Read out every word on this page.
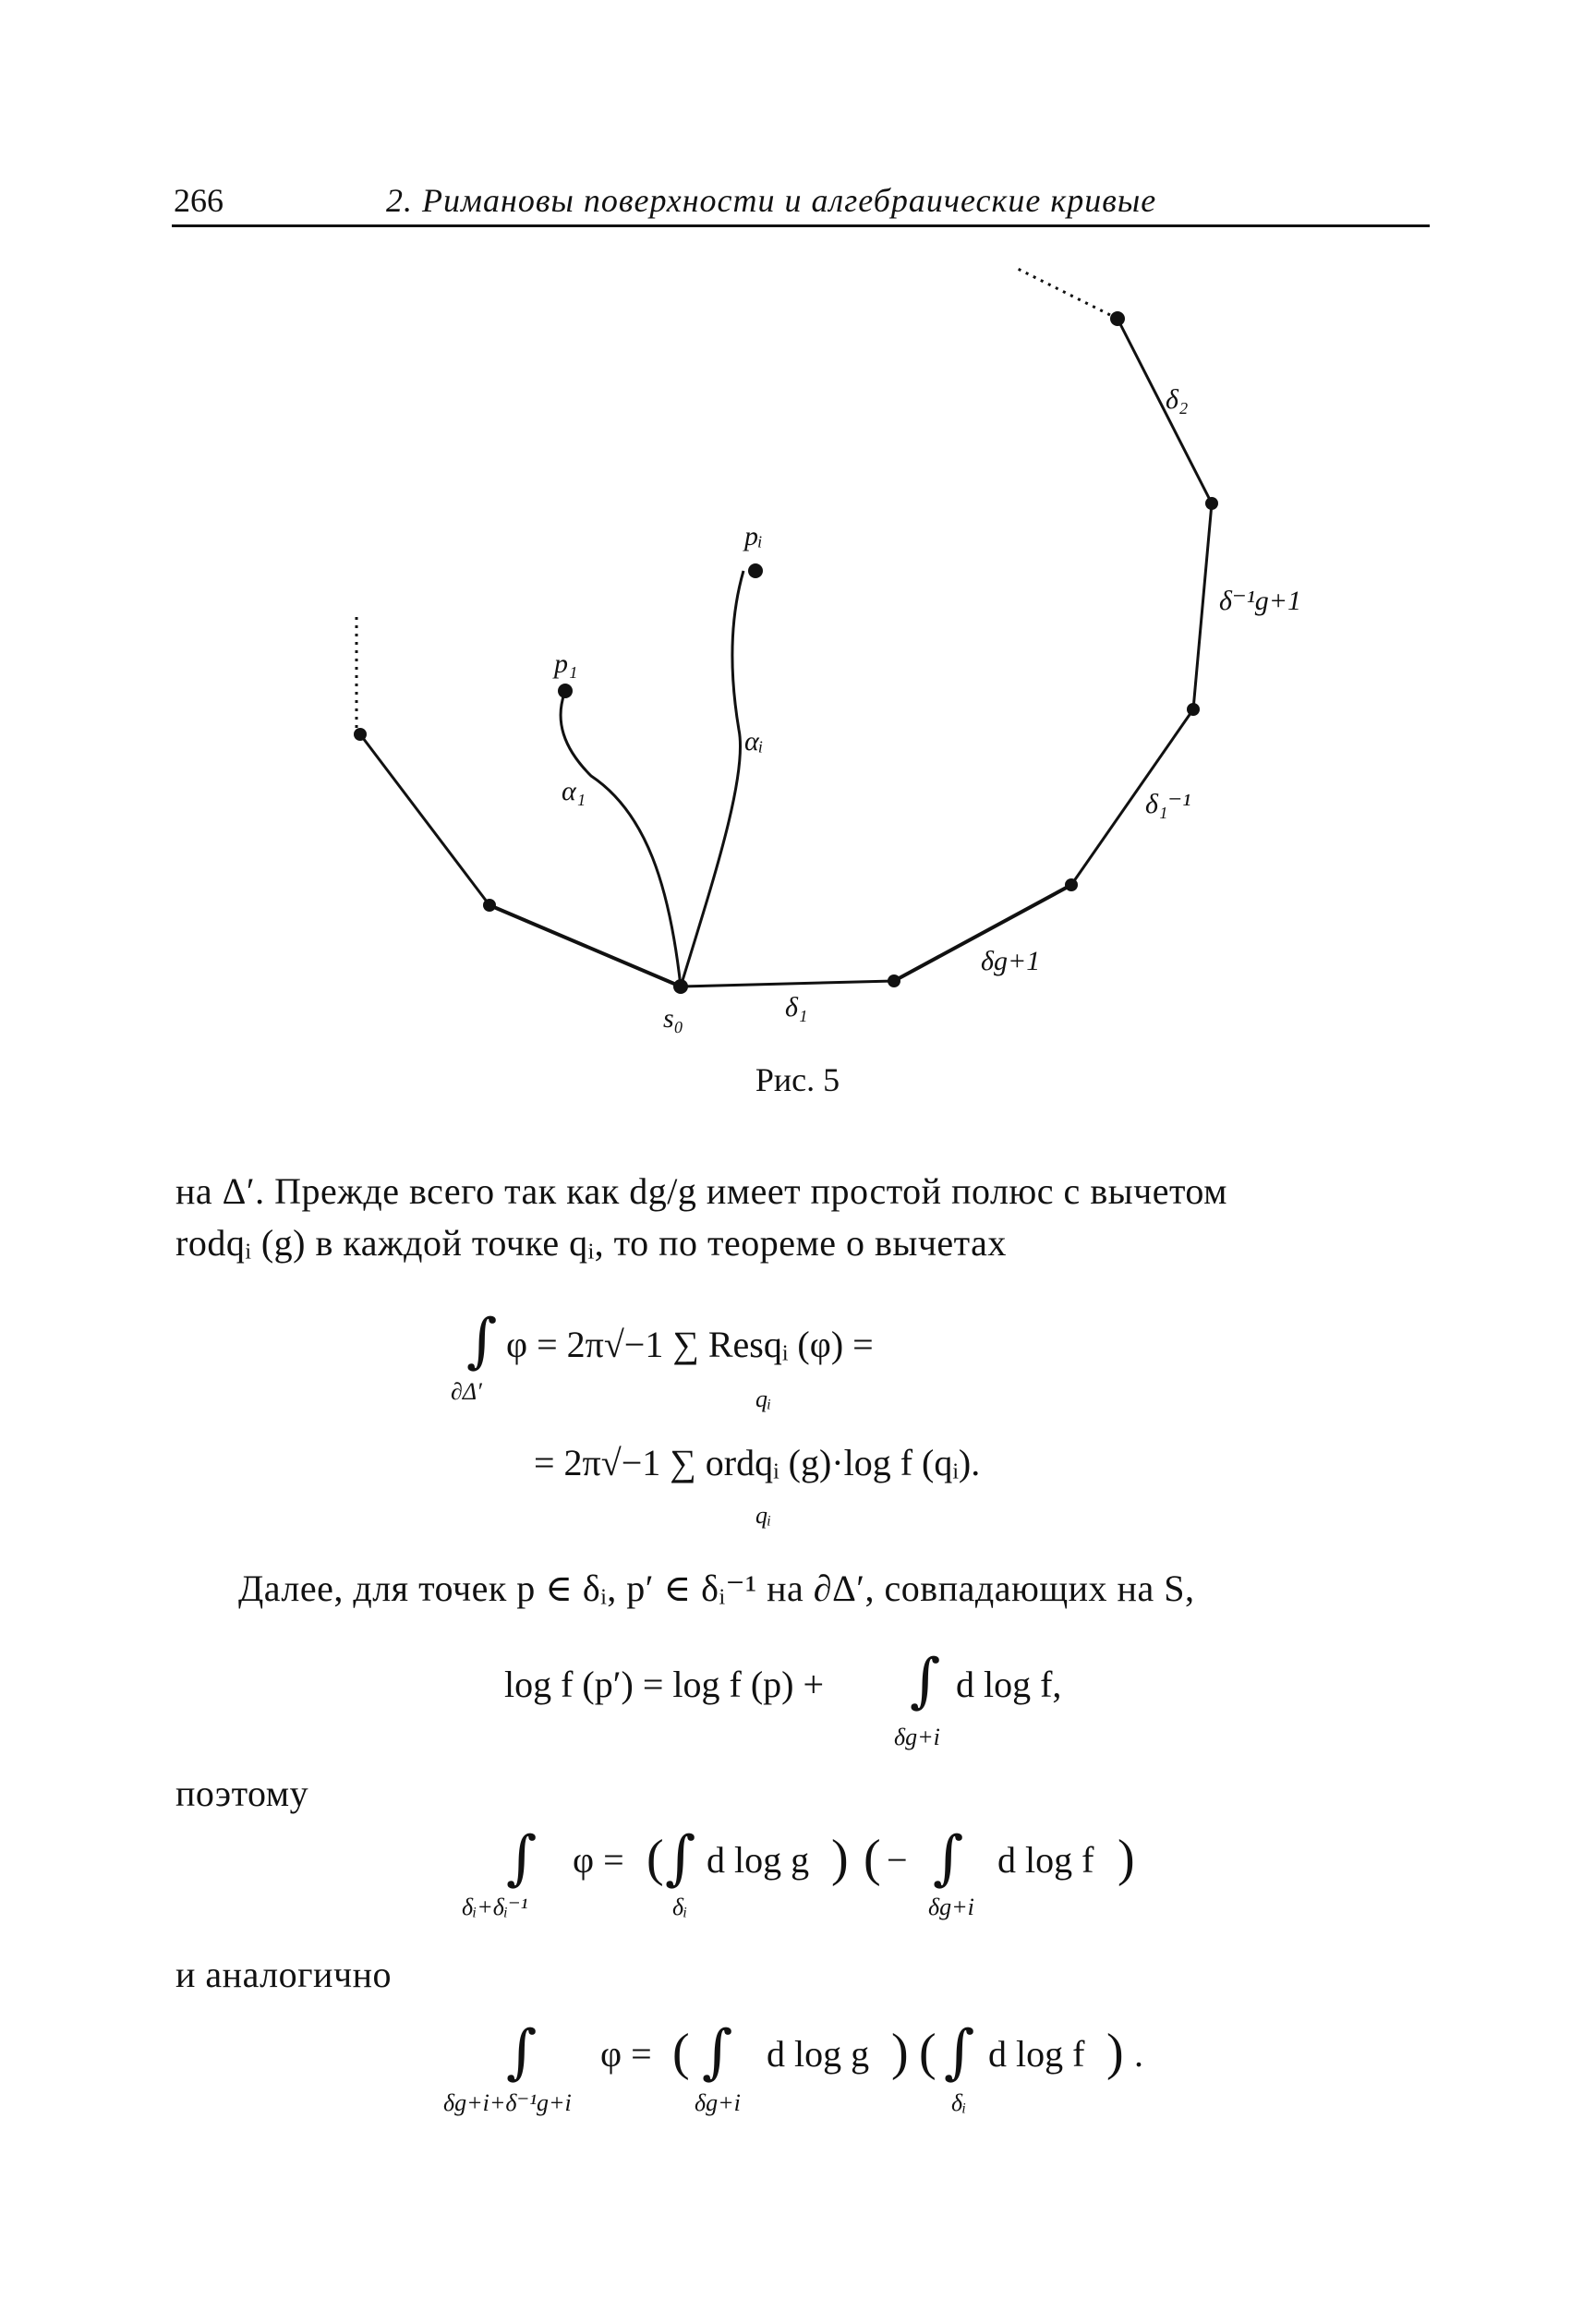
266	2. Римановы поверхности и алгебраические кривые
s₀
p₁
pᵢ
α₁
αᵢ
δ₁
δ₂
δg+1
δ₁⁻¹
δ⁻¹g+1
Рис. 5
на Δ′. Прежде всего так как dg/g имеет простой полюс с вычетом
rodqᵢ (g) в каждой точке qᵢ, то по теореме о вычетах
∫ φ = 2π√−1 ∑ Resqᵢ (φ) =
∂Δ′	qᵢ
= 2π√−1 ∑ ordqᵢ (g)·log f (qᵢ).
qᵢ
Далее, для точек p ∈ δᵢ, p′ ∈ δᵢ⁻¹ на ∂Δ′, совпадающих на S,
log f (p′) = log f (p) + ∫ d log f,
δg+i
поэтому
∫ φ =
δᵢ+δᵢ⁻¹
( ∫ d log g
δᵢ
) ( − ∫ d log f
δg+i
)
и аналогично
∫ φ =
δg+i+δ⁻¹g+i
( ∫ d log g
δg+i
) ( ∫ d log f
δᵢ
) .
